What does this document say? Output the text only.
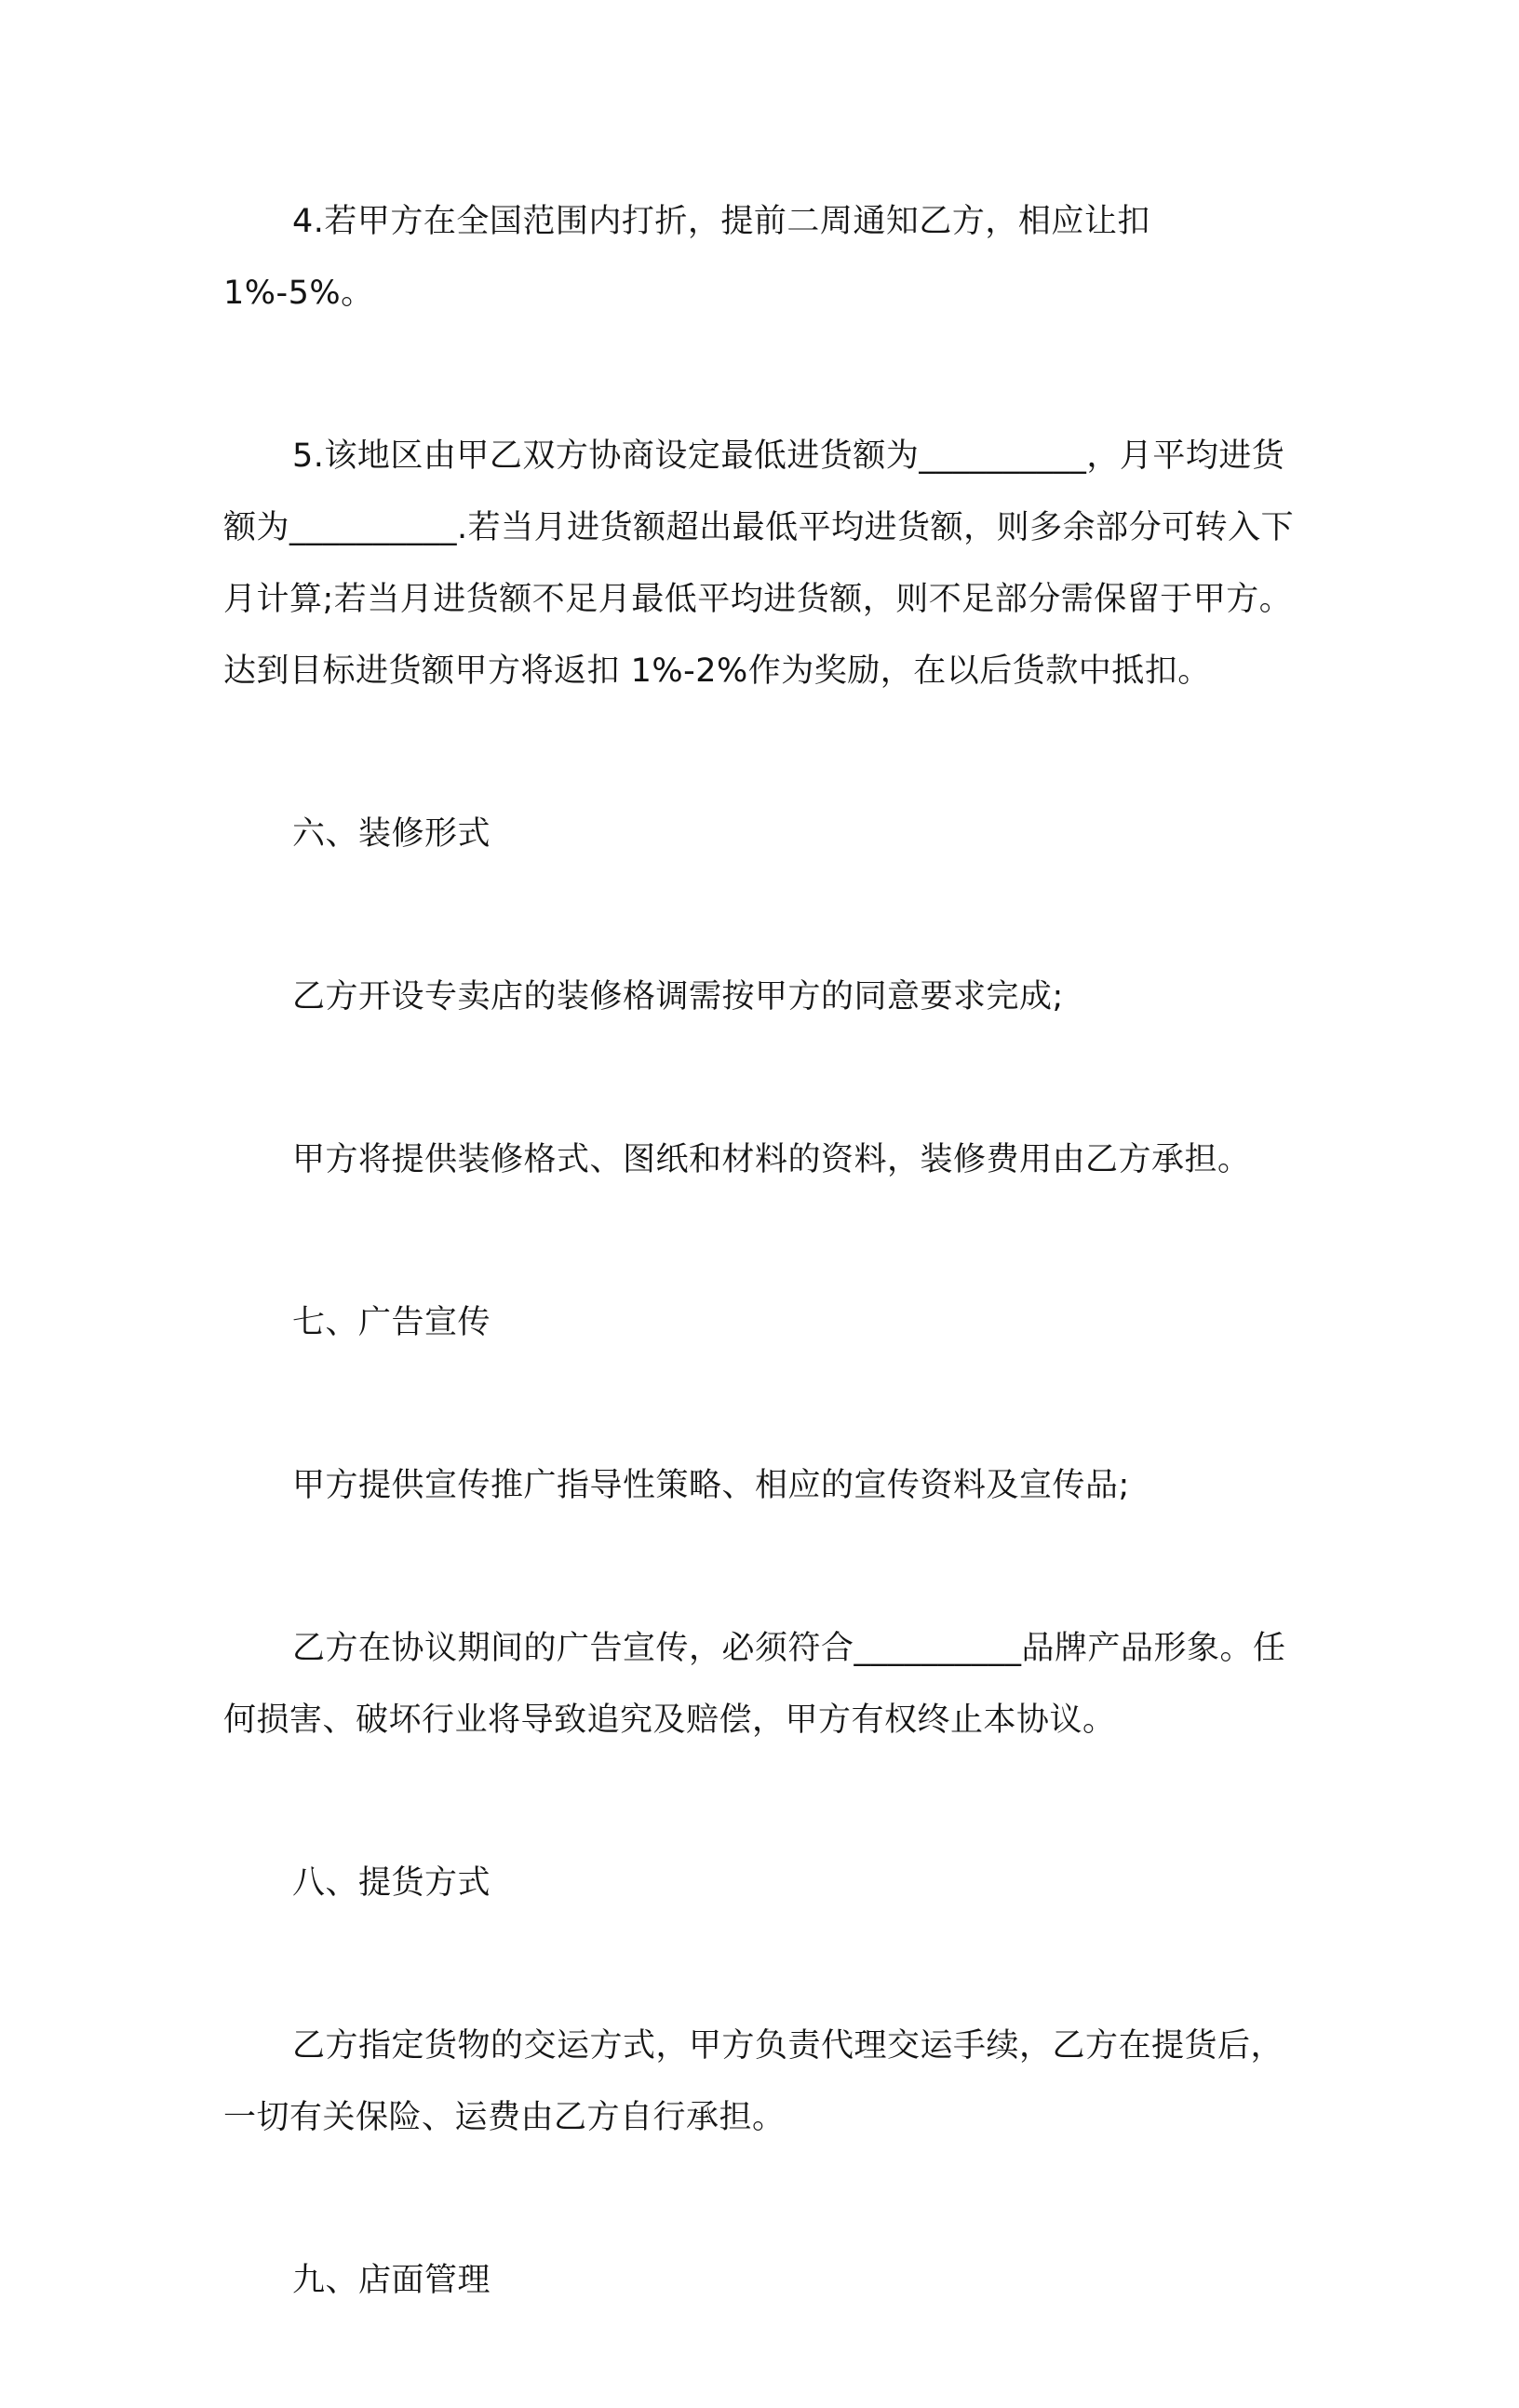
4.若甲方在全国范围内打折，提前二周通知乙方，相应让扣 1%-5%。

5.该地区由甲乙双方协商设定最低进货额为__________，月平均进货额为__________.若当月进货额超出最低平均进货额，则多余部分可转入下月计算;若当月进货额不足月最低平均进货额，则不足部分需保留于甲方。达到目标进货额甲方将返扣 1%-2%作为奖励，在以后货款中抵扣。

六、装修形式

乙方开设专卖店的装修格调需按甲方的同意要求完成;

甲方将提供装修格式、图纸和材料的资料，装修费用由乙方承担。

七、广告宣传

甲方提供宣传推广指导性策略、相应的宣传资料及宣传品;

乙方在协议期间的广告宣传，必须符合__________品牌产品形象。任何损害、破坏行业将导致追究及赔偿，甲方有权终止本协议。

八、提货方式

乙方指定货物的交运方式，甲方负责代理交运手续，乙方在提货后，一切有关保险、运费由乙方自行承担。

九、店面管理
